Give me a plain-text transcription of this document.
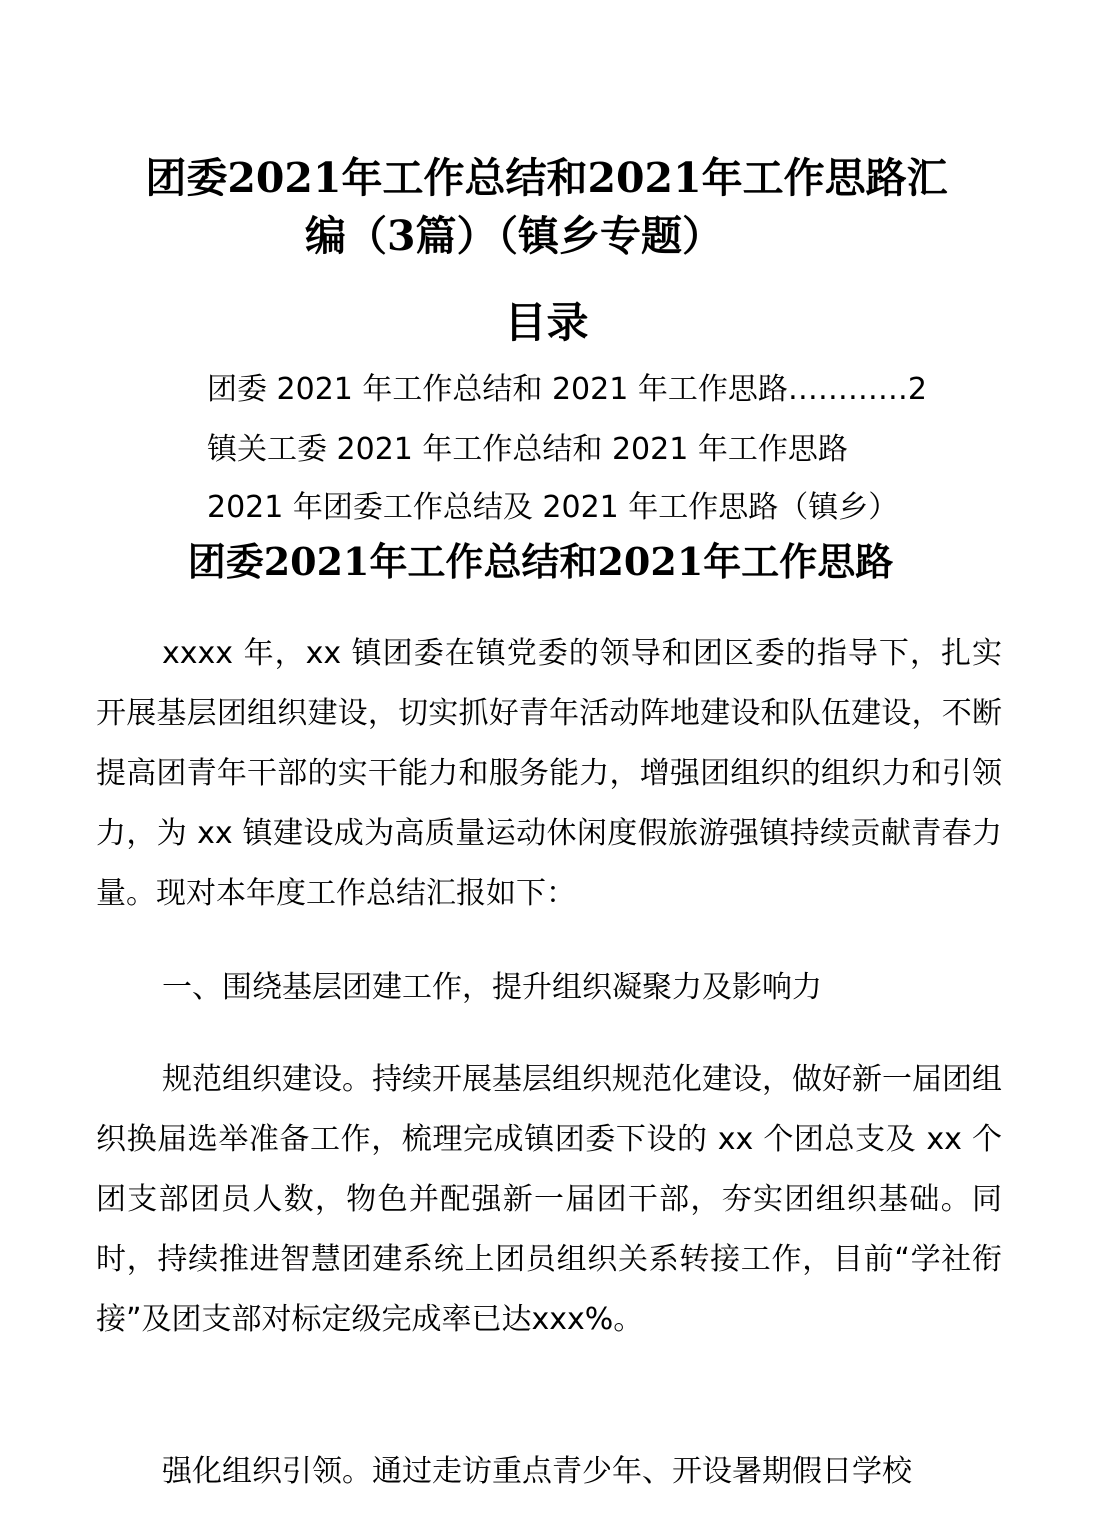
团委2021年工作总结和2021年工作思路汇
编（3篇）（镇乡专题）
目录
团委 2021 年工作总结和 2021 年工作思路…………2
镇关工委 2021 年工作总结和 2021 年工作思路
2021 年团委工作总结及 2021 年工作思路（镇乡）
团委2021年工作总结和2021年工作思路

xxxx 年，xx 镇团委在镇党委的领导和团区委的指导下，扎实开展基层团组织建设，切实抓好青年活动阵地建设和队伍建设，不断提高团青年干部的实干能力和服务能力，增强团组织的组织力和引领力，为 xx 镇建设成为高质量运动休闲度假旅游强镇持续贡献青春力量。现对本年度工作总结汇报如下：

一、围绕基层团建工作，提升组织凝聚力及影响力

规范组织建设。持续开展基层组织规范化建设，做好新一届团组织换届选举准备工作，梳理完成镇团委下设的 xx 个团总支及 xx 个团支部团员人数，物色并配强新一届团干部，夯实团组织基础。同时，持续推进智慧团建系统上团员组织关系转接工作，目前“学社衔接”及团支部对标定级完成率已达xxx%。

强化组织引领。通过走访重点青少年、开设暑期假日学校
